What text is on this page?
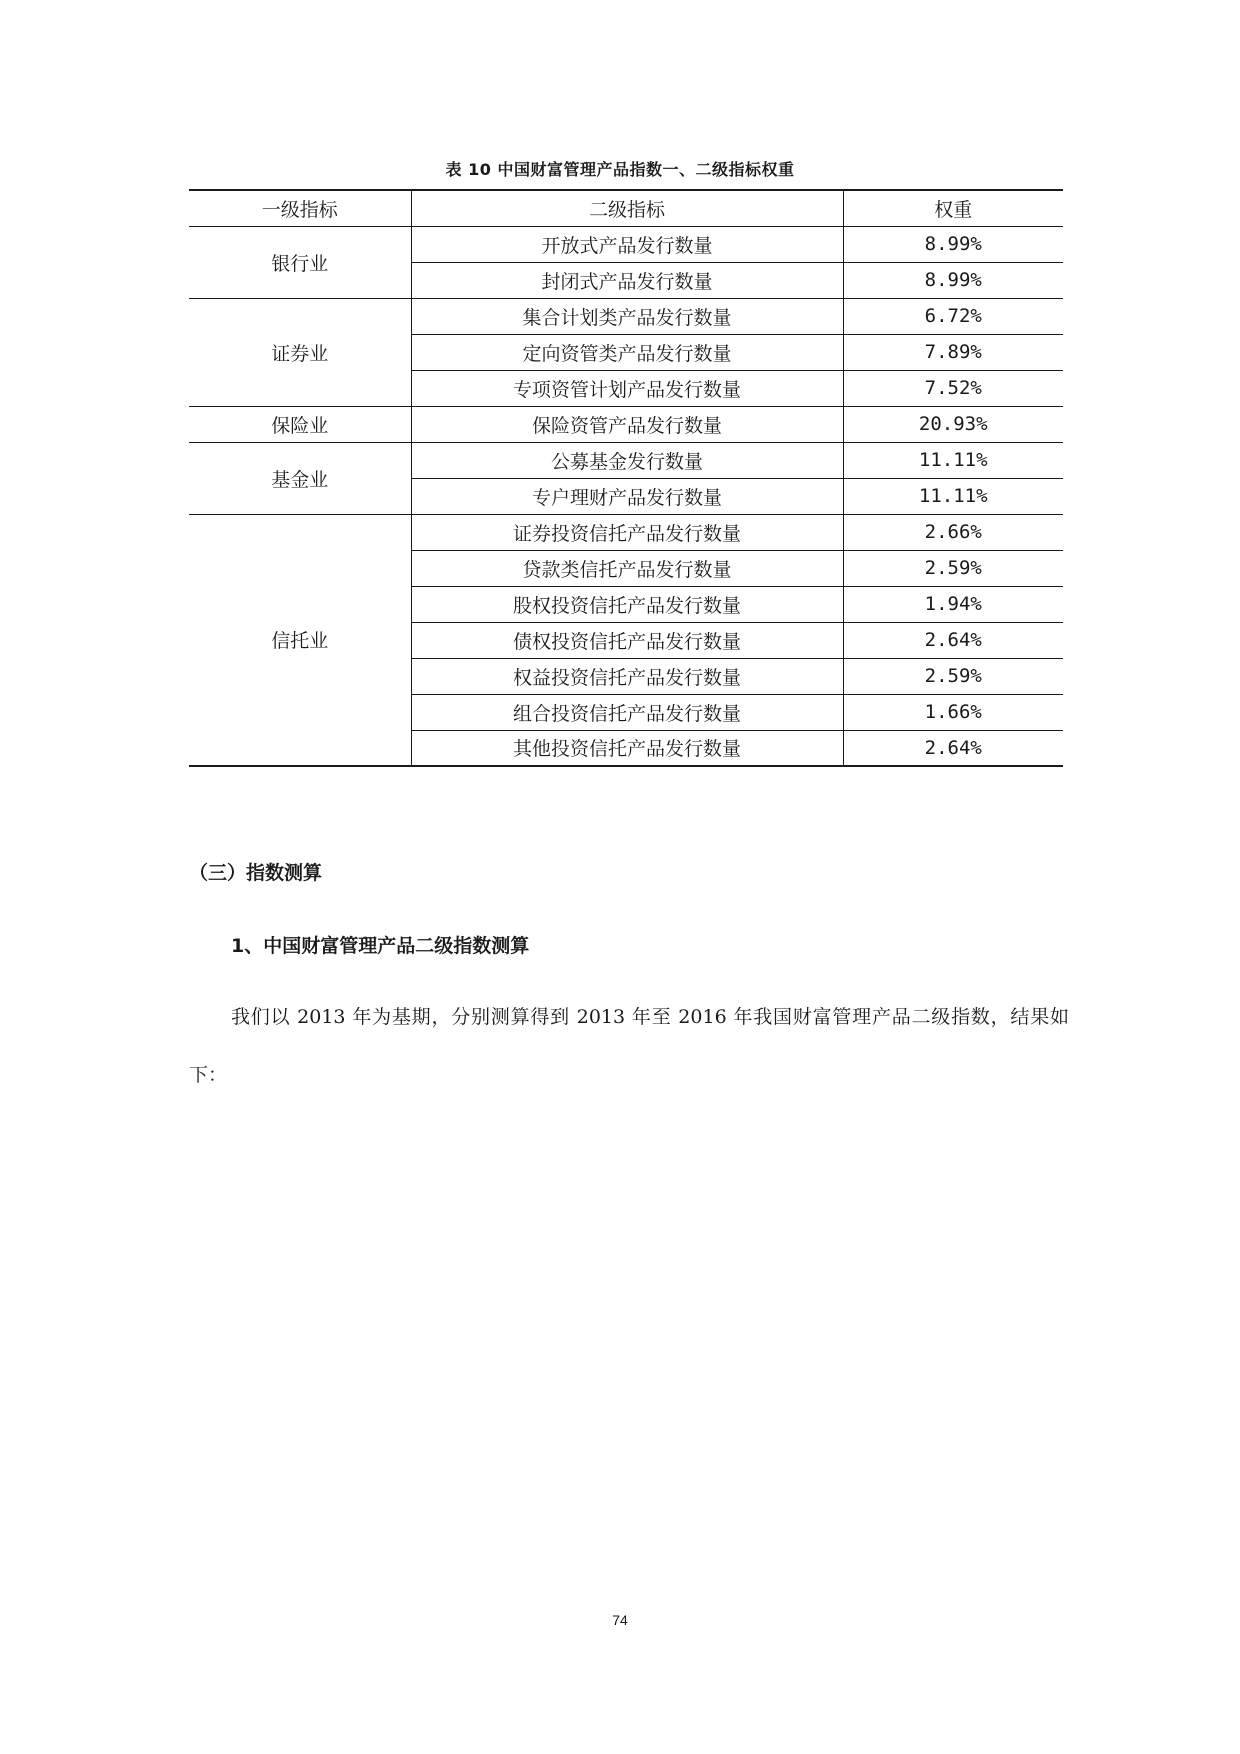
表 10 中国财富管理产品指数一、二级指标权重
一级指标	二级指标	权重
银行业	开放式产品发行数量	8.99%
	封闭式产品发行数量	8.99%
证券业	集合计划类产品发行数量	6.72%
	定向资管类产品发行数量	7.89%
	专项资管计划产品发行数量	7.52%
保险业	保险资管产品发行数量	20.93%
基金业	公募基金发行数量	11.11%
	专户理财产品发行数量	11.11%
信托业	证券投资信托产品发行数量	2.66%
	贷款类信托产品发行数量	2.59%
	股权投资信托产品发行数量	1.94%
	债权投资信托产品发行数量	2.64%
	权益投资信托产品发行数量	2.59%
	组合投资信托产品发行数量	1.66%
	其他投资信托产品发行数量	2.64%
（三）指数测算
1、中国财富管理产品二级指数测算

我们以 2013 年为基期，分别测算得到 2013 年至 2016 年我国财富管理产品二级指数，结果如下：

74
